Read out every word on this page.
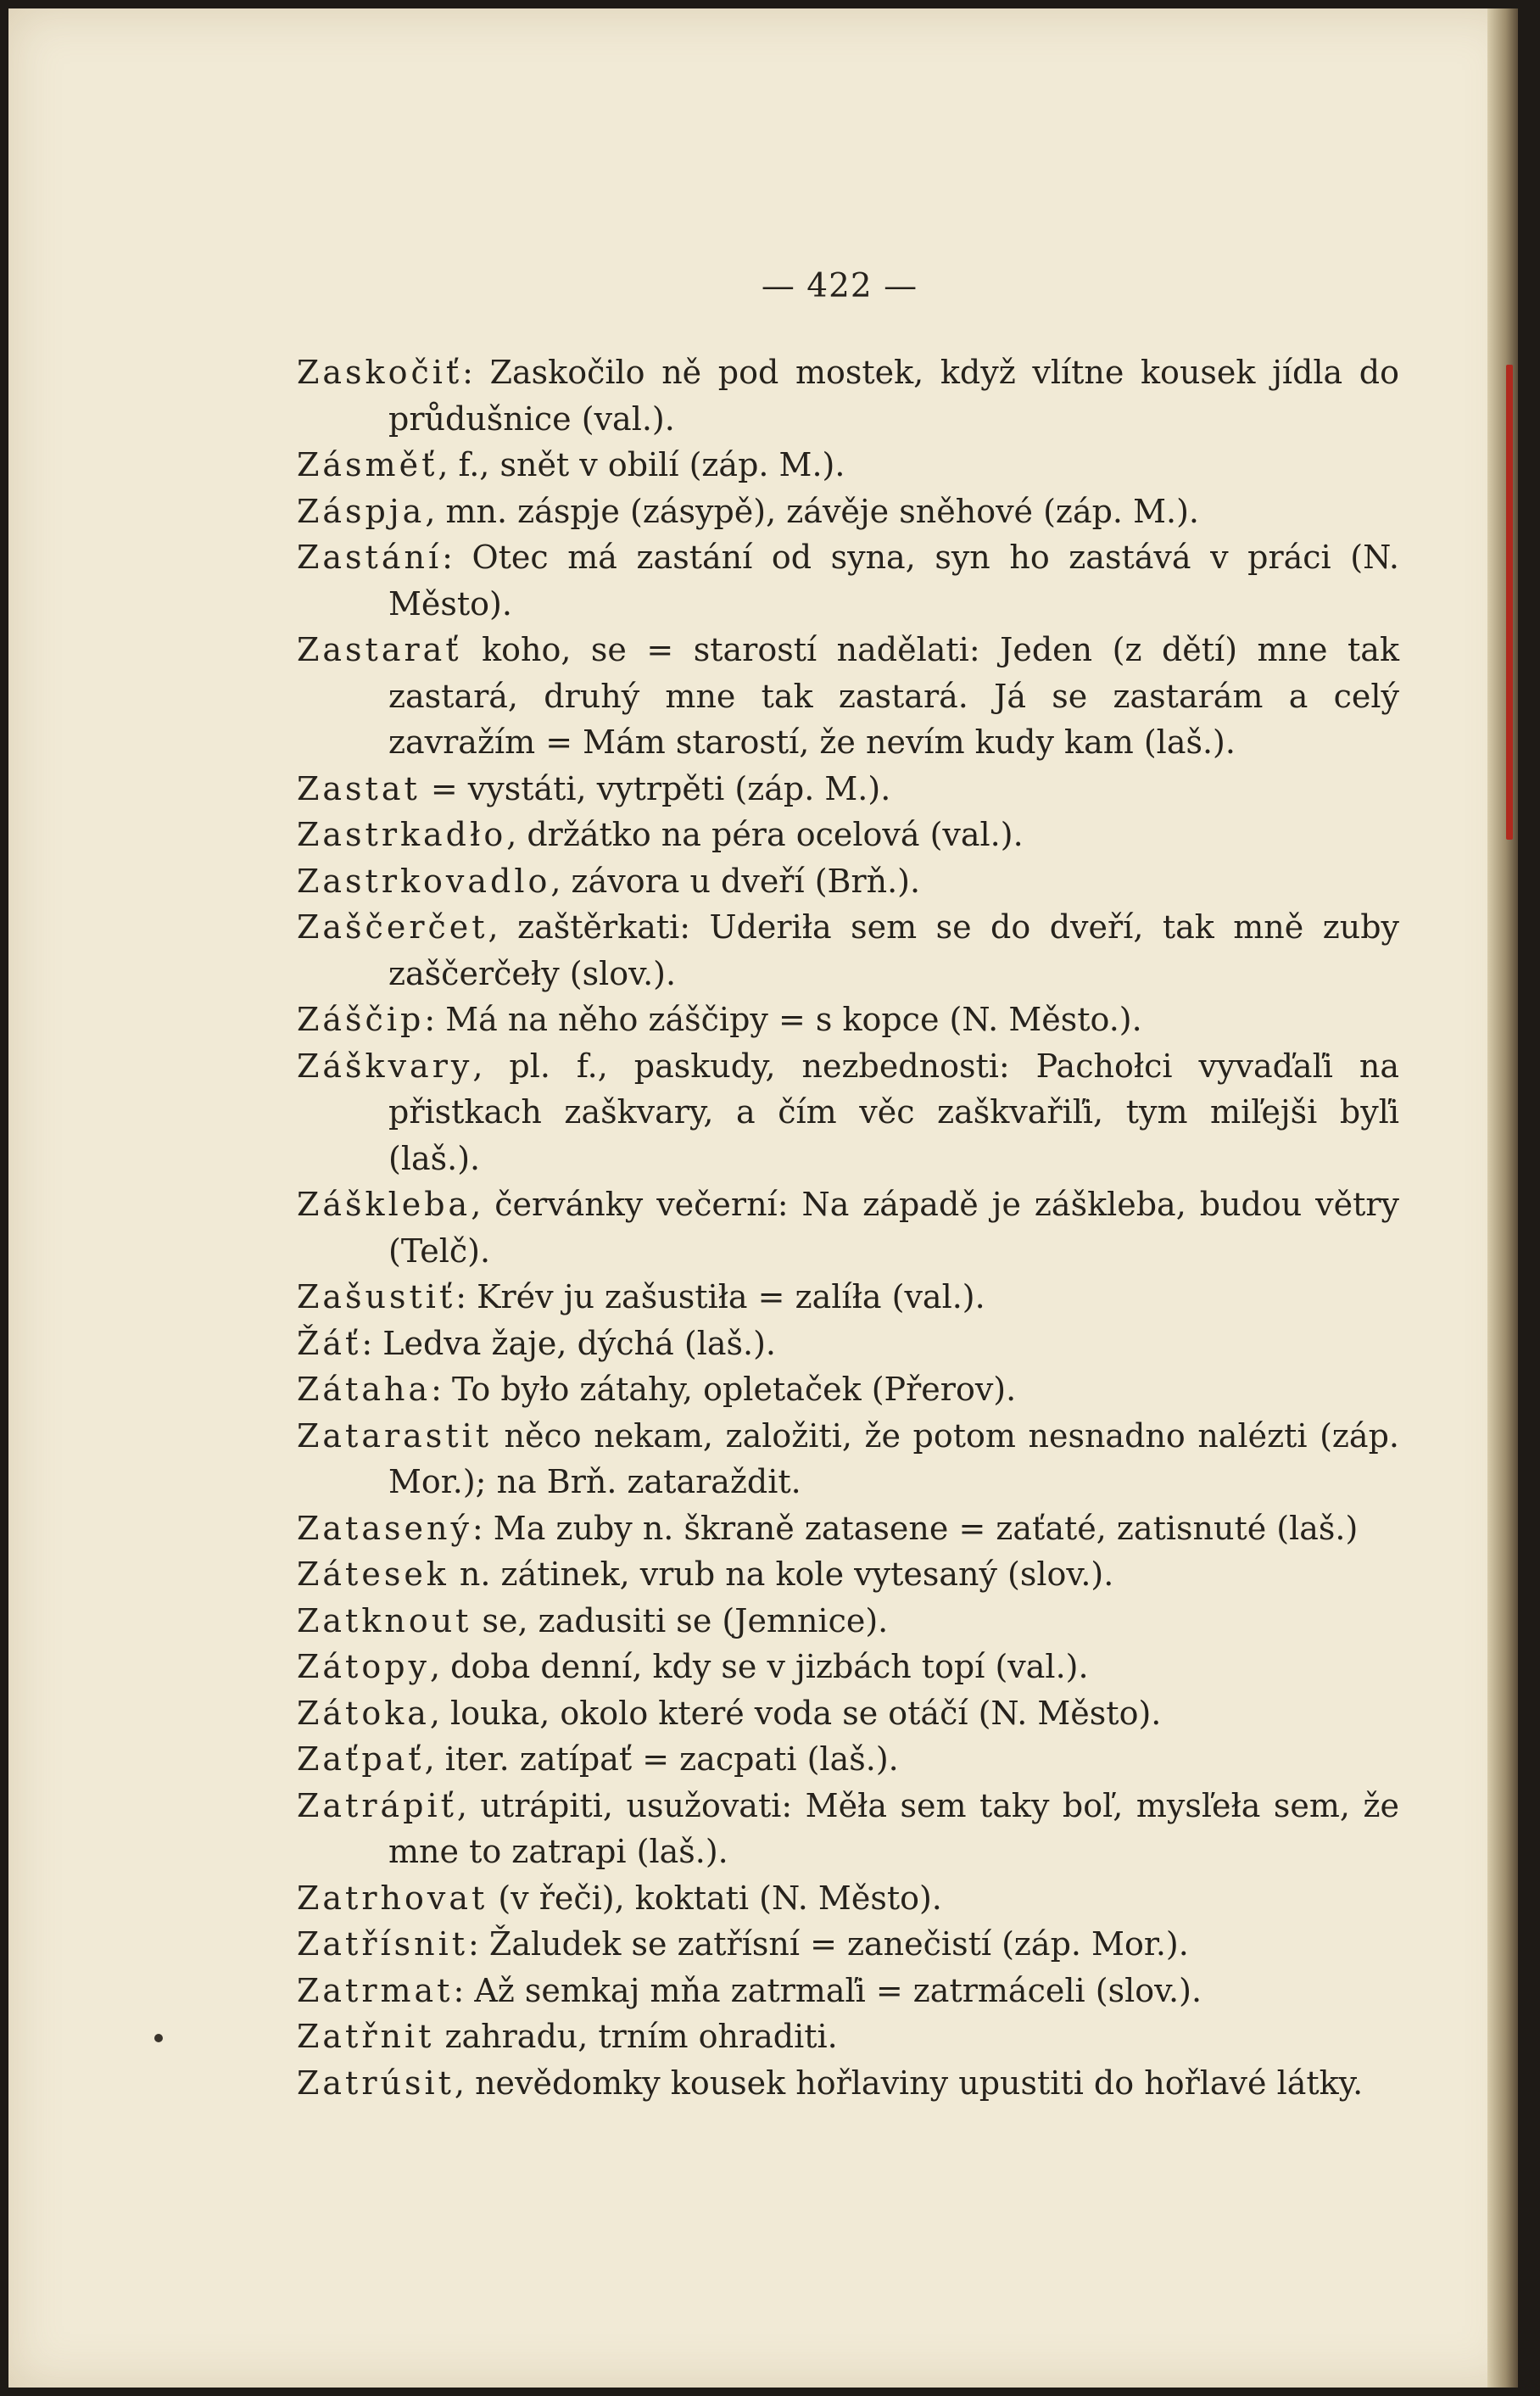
— 422 —

Zaskočiť: Zaskočilo ně pod mostek, když vlítne kousek jídla do průdušnice (val.).

Zásměť, f., snět v obilí (záp. M.).

Záspja, mn. záspje (zásypě), závěje sněhové (záp. M.).

Zastání: Otec má zastání od syna, syn ho zastává v práci (N. Město).

Zastarať koho, se = starostí nadělati: Jeden (z dětí) mne tak zastará, druhý mne tak zastará. Já se zastarám a celý zavražím = Mám starostí, že nevím kudy kam (laš.).

Zastat = vystáti, vytrpěti (záp. M.).

Zastrkadło, držátko na péra ocelová (val.).

Zastrkovadlo, závora u dveří (Brň.).

Zaščerčet, zaštěrkati: Uderiła sem se do dveří, tak mně zuby zaščerčeły (slov.).

Záščip: Má na něho záščipy = s kopce (N. Město.).

Záškvary, pl. f., paskudy, nezbednosti: Pachołci vyvaďaľi na přistkach zaškvary, a čím věc zaškvařiľi, tym miľejši byľi (laš.).

Záškleba, červánky večerní: Na západě je záškleba, budou větry (Telč).

Zašustiť: Krév ju zašustiła = zalíła (val.).

Žáť: Ledva žaje, dýchá (laš.).

Zátaha: To było zátahy, opletaček (Přerov).

Zatarastit něco nekam, založiti, že potom nesnadno nalézti (záp. Mor.); na Brň. zataraždit.

Zatasený: Ma zuby n. škraně zatasene = zaťaté, zatisnuté (laš.)

Zátesek n. zátinek, vrub na kole vytesaný (slov.).

Zatknout se, zadusiti se (Jemnice).

Zátopy, doba denní, kdy se v jizbách topí (val.).

Zátoka, louka, okolo které voda se otáčí (N. Město).

Zaťpať, iter. zatípať = zacpati (laš.).

Zatrápiť, utrápiti, usužovati: Měła sem taky boľ, mysľeła sem, že mne to zatrapi (laš.).

Zatrhovat (v řeči), koktati (N. Město).

Zatřísnit: Žaludek se zatřísní = zanečistí (záp. Mor.).

Zatrmat: Až semkaj mňa zatrmaľi = zatrmáceli (slov.).

Zatřnit zahradu, trním ohraditi.

Zatrúsit, nevědomky kousek hořlaviny upustiti do hořlavé látky.
